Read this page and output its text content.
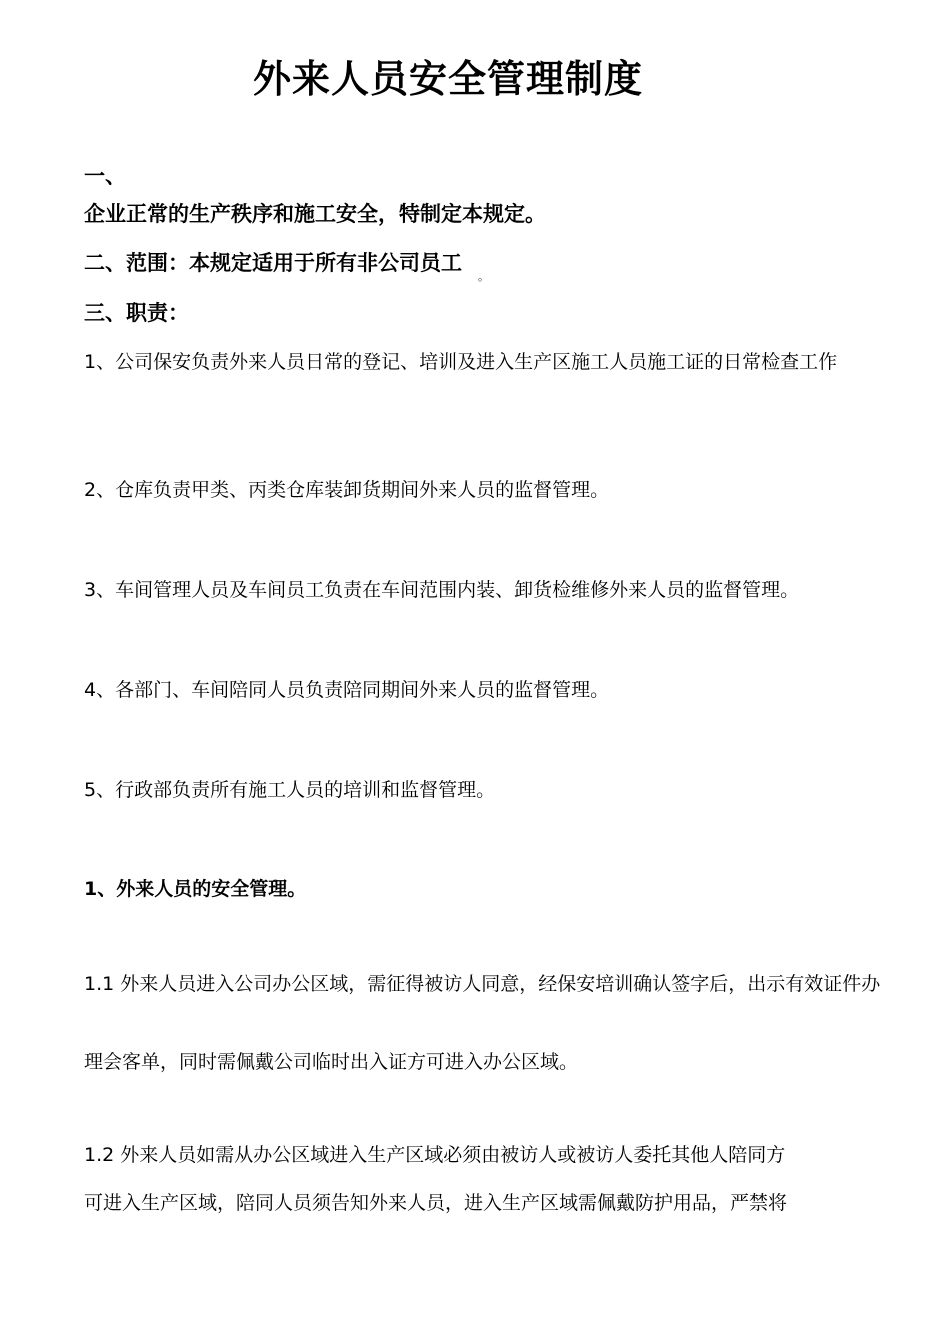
外来人员安全管理制度
一、
企业正常的生产秩序和施工安全，特制定本规定。
二、范围：本规定适用于所有非公司员工
。
三、职责：
1、公司保安负责外来人员日常的登记、培训及进入生产区施工人员施工证的日常检查工作
2、仓库负责甲类、丙类仓库装卸货期间外来人员的监督管理。
3、车间管理人员及车间员工负责在车间范围内装、卸货检维修外来人员的监督管理。
4、各部门、车间陪同人员负责陪同期间外来人员的监督管理。
5、行政部负责所有施工人员的培训和监督管理。
1、外来人员的安全管理。
1.1 外来人员进入公司办公区域，需征得被访人同意，经保安培训确认签字后，出示有效证件办
理会客单，同时需佩戴公司临时出入证方可进入办公区域。
1.2 外来人员如需从办公区域进入生产区域必须由被访人或被访人委托其他人陪同方
可进入生产区域，陪同人员须告知外来人员，进入生产区域需佩戴防护用品，严禁将
